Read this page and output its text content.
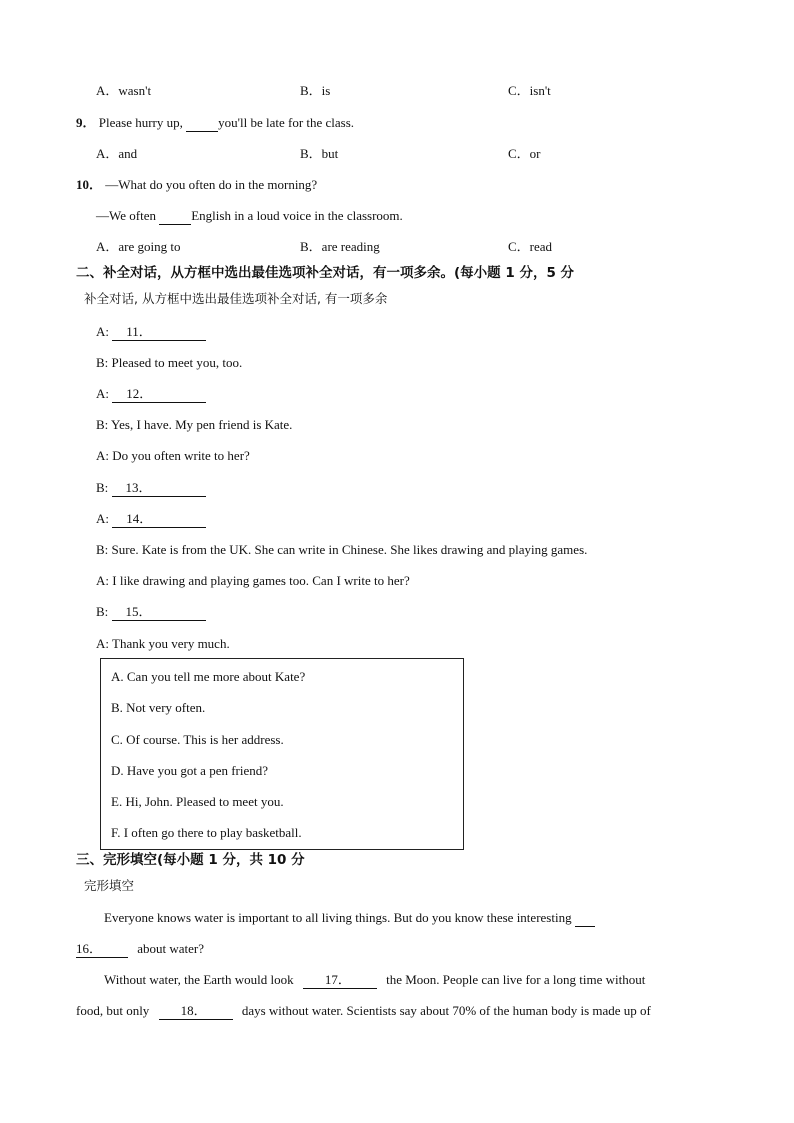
A．wasn't	B．is	C．isn't
9． Please hurry up,	you'll be late for the class.
A．and	B．but	C．or
10． —What do you often do in the morning?
—We often	English in a loud voice in the classroom.
A．are going to	B．are reading	C．read
二、补全对话，从方框中选出最佳选项补全对话，有一项多余。(每小题 1 分，5 分
补全对话, 从方框中选出最佳选项补全对话, 有一项多余
A: 11．
B: Pleased to meet you, too.
A: 12．
B: Yes, I have. My pen friend is Kate.
A: Do you often write to her?
B: 13．
A: 14．
B: Sure. Kate is from the UK. She can write in Chinese. She likes drawing and playing games.
A: I like drawing and playing games too. Can I write to her?
B: 15．
A: Thank you very much.
A. Can you tell me more about Kate?
B. Not very often.
C. Of course. This is her address.
D. Have you got a pen friend?
E. Hi, John. Pleased to meet you.
F. I often go there to play basketball.
三、完形填空(每小题 1 分，共 10 分
完形填空
Everyone knows water is important to all living things. But do you know these interesting
16．	about water?
Without water, the Earth would look 17．	the Moon. People can live for a long time without
food, but only 18．	days without water. Scientists say about 70% of the human body is made up of
